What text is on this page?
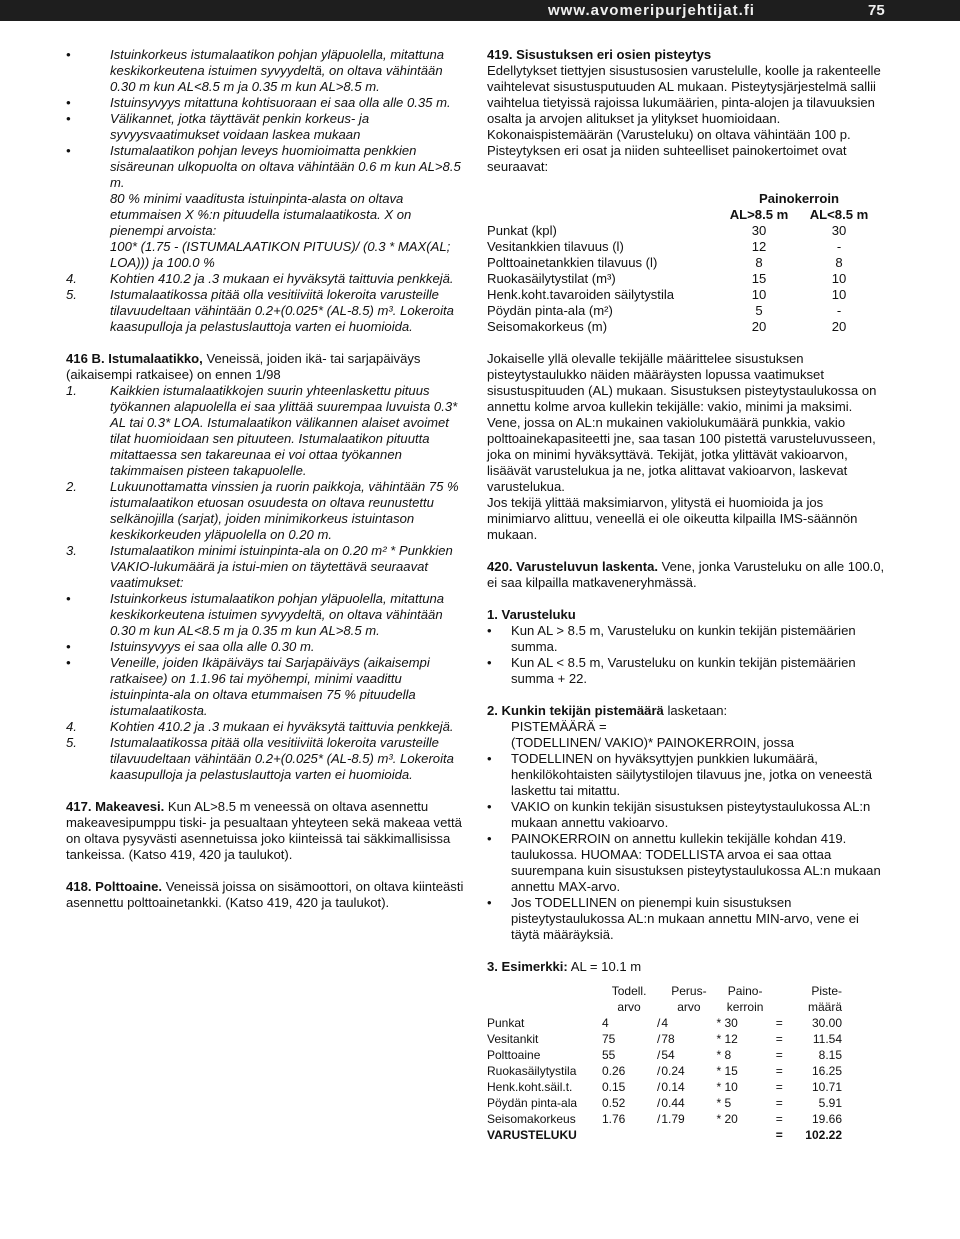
www.avomeripurjehtijat.fi	75
•	Istuinkorkeus istumalaatikon pohjan yläpuolella, mitattuna keskikorkeutena istuimen syvyydeltä, on oltava vähintään 0.30 m kun AL<8.5 m ja 0.35 m kun AL>8.5 m.
•	Istuinsyvyys mitattuna kohtisuoraan ei saa olla alle 0.35 m.
•	Välikannet, jotka täyttävät penkin korkeus- ja syvyysvaatimukset voidaan laskea mukaan
•	Istumalaatikon pohjan leveys huomioimatta penkkien sisäreunan ulkopuolta on oltava vähintään 0.6 m kun AL>8.5 m.
80 % minimi vaaditusta istuinpinta-alasta on oltava etummaisen X %:n pituudella istumalaatikosta. X on pienempi arvoista:
100* (1.75 - (ISTUMALAATIKON PITUUS)/ (0.3 * MAX(AL; LOA))) ja 100.0 %
4.	Kohtien 410.2 ja .3 mukaan ei hyväksytä taittuvia penkkejä.
5.	Istumalaatikossa pitää olla vesitiiviitä lokeroita varusteille tilavuudeltaan vähintään 0.2+(0.025* (AL-8.5) m³. Lokeroita kaasupulloja ja pelastuslauttoja varten ei huomioida.

416 B. Istumalaatikko, Veneissä, joiden ikä- tai sarjapäiväys (aikaisempi ratkaisee) on ennen 1/98

1.	Kaikkien istumalaatikkojen suurin yhteenlaskettu pituus työkannen alapuolella ei saa ylittää suurempaa luvuista 0.3* AL tai 0.3* LOA. Istumalaatikon välikannen alaiset avoimet tilat huomioidaan sen pituuteen. Istumalaatikon pituutta mitattaessa sen takareunaa ei voi ottaa työkannen takimmaisen pisteen takapuolelle.
2.	Lukuunottamatta vinssien ja ruorin paikkoja, vähintään 75 % istumalaatikon etuosan osuudesta on oltava reunustettu selkänojilla (sarjat), joiden minimikorkeus istuintason keskikorkeuden yläpuolella on 0.20 m.
3.	Istumalaatikon minimi istuinpinta-ala on 0.20 m² * Punkkien VAKIO-lukumäärä ja istui-mien on täytettävä seuraavat vaatimukset:
•	Istuinkorkeus istumalaatikon pohjan yläpuolella, mitattuna keskikorkeutena istuimen syvyydeltä, on oltava vähintään 0.30 m kun AL<8.5 m ja 0.35 m kun AL>8.5 m.
•	Istuinsyvyys ei saa olla alle 0.30 m.
•	Veneille, joiden Ikäpäiväys tai Sarjapäiväys (aikaisempi ratkaisee) on 1.1.96 tai myöhempi, minimi vaadittu istuinpinta-ala on oltava etummaisen 75 % pituudella istumalaatikosta.
4.	Kohtien 410.2 ja .3 mukaan ei hyväksytä taittuvia penkkejä.
5.	Istumalaatikossa pitää olla vesitiiviitä lokeroita varusteille tilavuudeltaan vähintään 0.2+(0.025* (AL-8.5) m³. Lokeroita kaasupulloja ja pelastuslauttoja varten ei huomioida.

417. Makeavesi. Kun AL>8.5 m veneessä on oltava asennettu makeavesipumppu tiski- ja pesualtaan yhteyteen sekä makeaa vettä on oltava pysyvästi asennetuissa joko kiinteissä tai säkkimallisissa tankeissa. (Katso 419, 420 ja taulukot).

418. Polttoaine. Veneissä joissa on sisämoottori, on oltava kiinteästi asennettu polttoainetankki. (Katso 419, 420 ja taulukot).

419. Sisustuksen eri osien pisteytys

Edellytykset tiettyjen sisustusosien varustelulle, koolle ja rakenteelle vaihtelevat sisustusputuuden AL mukaan. Pisteytysjärjestelmä sallii vaihtelua tietyissä rajoissa lukumäärien, pinta-alojen ja tilavuuksien osalta ja arvojen alitukset ja ylitykset huomioidaan. Kokonaispistemäärän (Varusteluku) on oltava vähintään 100 p.

Pisteytyksen eri osat ja niiden suhteelliset painokertoimet ovat seuraavat:

	Painokerroin	
	AL>8.5 m	AL<8.5 m
Punkat (kpl)	30	30
Vesitankkien tilavuus (l)	12	-
Polttoainetankkien tilavuus (l)	8	8
Ruokasäilytystilat (m³)	15	10
Henk.koht.tavaroiden säilytystila	10	10
Pöydän pinta-ala (m²)	5	-
Seisomakorkeus (m)	20	20

Jokaiselle yllä olevalle tekijälle määrittelee sisustuksen pisteytystaulukko näiden määräysten lopussa vaatimukset sisustuspituuden (AL) mukaan. Sisustuksen pisteytystaulukossa on annettu kolme arvoa kullekin tekijälle: vakio, minimi ja maksimi. Vene, jossa on AL:n mukainen vakiolukumäärä punkkia, vakio polttoainekapasiteetti jne, saa tasan 100 pistettä varusteluvusseen, joka on minimi hyväksyttävä. Tekijät, jotka ylittävät vakioarvon, lisäävät varustelukua ja ne, jotka alittavat vakioarvon, laskevat varustelukua.

Jos tekijä ylittää maksimiarvon, ylitystä ei huomioida ja jos minimiarvo alittuu, veneellä ei ole oikeutta kilpailla IMS-säännön mukaan.

420. Varusteluvun laskenta. Vene, jonka Varusteluku on alle 100.0, ei saa kilpailla matkaveneryhmässä.

1. Varusteluku

•	Kun AL > 8.5 m, Varusteluku on kunkin tekijän pistemäärien summa.
•	Kun AL < 8.5 m, Varusteluku on kunkin tekijän pistemäärien summa + 22.

2. Kunkin tekijän pistemäärä lasketaan:

PISTEMÄÄRÄ =

(TODELLINEN/ VAKIO)* PAINOKERROIN, jossa

•	TODELLINEN on hyväksyttyjen punkkien lukumäärä, henkilökohtaisten säilytystilojen tilavuus jne, jotka on veneestä laskettu tai mitattu.
•	VAKIO on kunkin tekijän sisustuksen pisteytystaulukossa AL:n mukaan annettu vakioarvo.
•	PAINOKERROIN on annettu kullekin tekijälle kohdan 419. taulukossa. HUOMAA: TODELLISTA arvoa ei saa ottaa suurempana kuin sisustuksen pisteytystaulukossa AL:n mukaan annettu MAX-arvo.
•	Jos TODELLINEN on pienempi kuin sisustuksen pisteytystaulukossa AL:n mukaan annettu MIN-arvo, vene ei täytä määräyksiä.

3. Esimerkki: AL = 10.1 m

	Todell.		Perus-	Paino-		Piste-
	arvo		arvo	kerroin		määrä
Punkat	4	/	4	* 30	=	30.00
Vesitankit	75	/	78	* 12	=	11.54
Polttoaine	55	/	54	* 8	=	8.15
Ruokasäilytystila	0.26	/	0.24	* 15	=	16.25
Henk.koht.säil.t.	0.15	/	0.14	* 10	=	10.71
Pöydän pinta-ala	0.52	/	0.44	* 5	=	5.91
Seisomakorkeus	1.76	/	1.79	* 20	=	19.66
VARUSTELUKU					=	102.22
